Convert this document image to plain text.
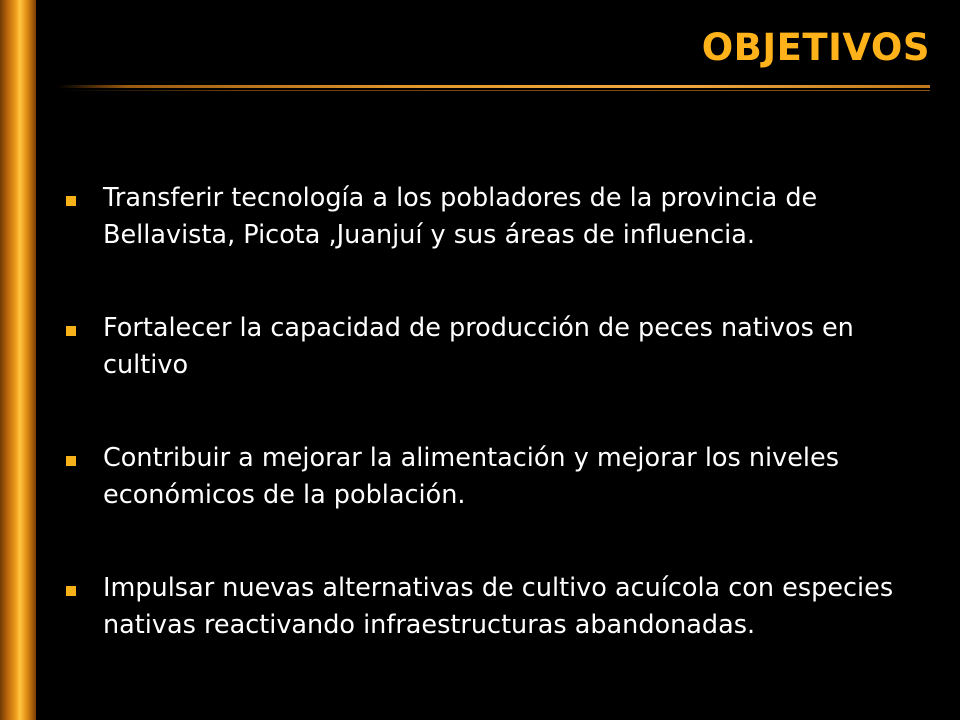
OBJETIVOS
Transferir tecnología a los pobladores de la provincia de Bellavista, Picota ,Juanjuí y sus áreas de influencia.
Fortalecer la capacidad de producción de peces nativos en cultivo
Contribuir a mejorar la alimentación y mejorar los niveles económicos de la población.
Impulsar nuevas alternativas de cultivo acuícola con especies nativas reactivando infraestructuras abandonadas.
